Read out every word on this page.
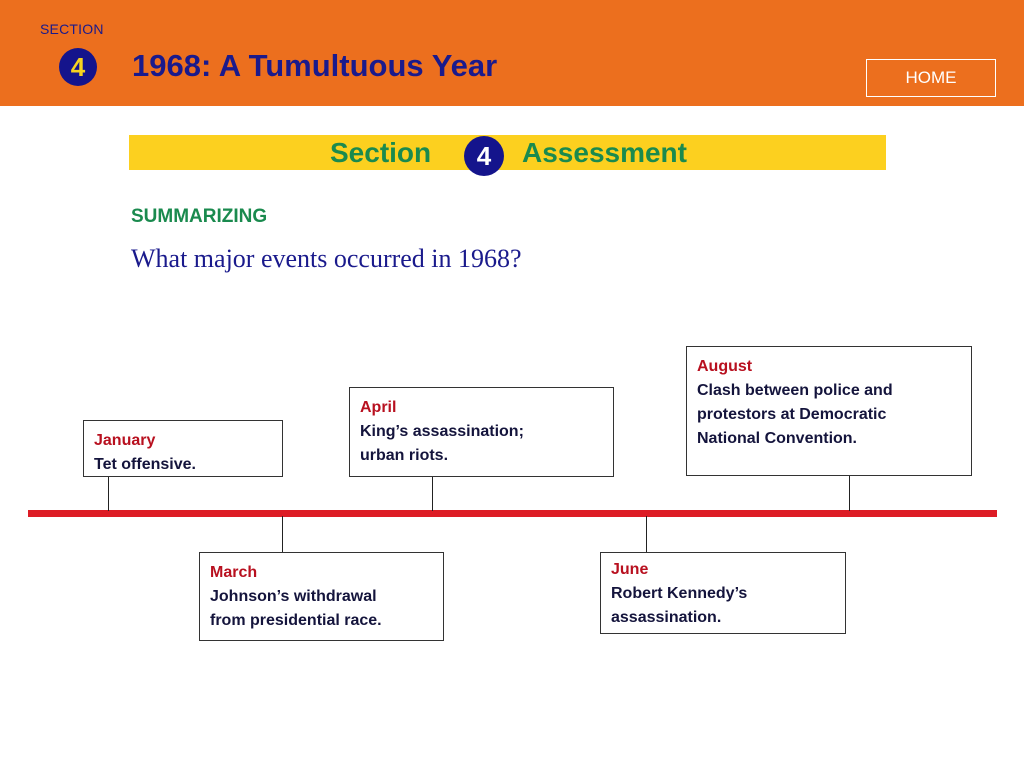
SECTION
4	1968: A Tumultuous Year	HOME
Section	4	Assessment
SUMMARIZING
What major events occurred in 1968?
January
Tet offensive.
March
Johnson’s withdrawal
from presidential race.
April
King’s assassination;
urban riots.
June
Robert Kennedy’s
assassination.
August
Clash between police and
protestors at Democratic
National Convention.
